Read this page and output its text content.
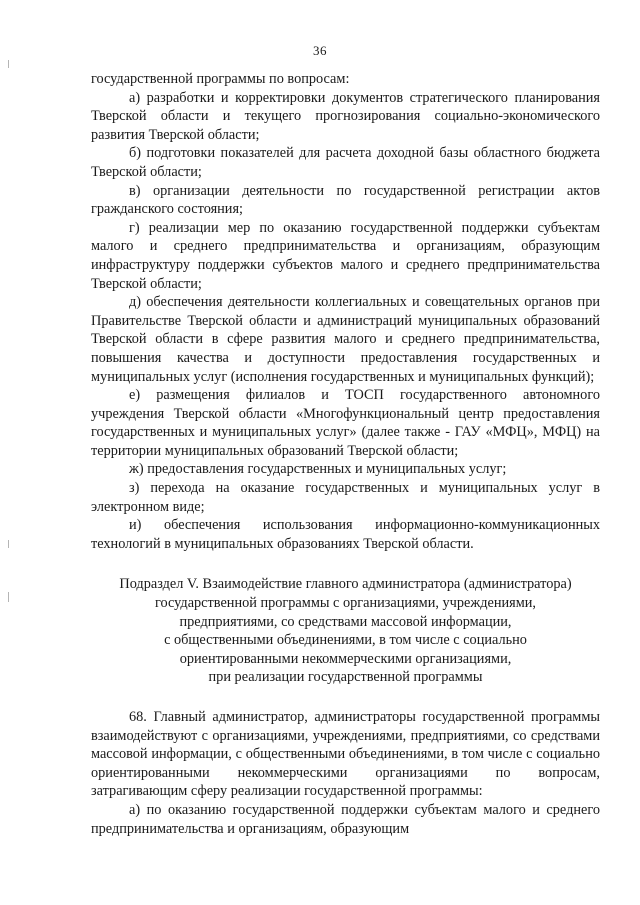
36

государственной программы по вопросам:

а) разработки и корректировки документов стратегического планирования Тверской области и текущего прогнозирования социально-экономического развития Тверской области;

б) подготовки показателей для расчета доходной базы областного бюджета Тверской области;

в) организации деятельности по государственной регистрации актов гражданского состояния;

г) реализации мер по оказанию государственной поддержки субъектам малого и среднего предпринимательства и организациям, образующим инфраструктуру поддержки субъектов малого и среднего предпринимательства Тверской области;

д) обеспечения деятельности коллегиальных и совещательных органов при Правительстве Тверской области и администраций муниципальных образований Тверской области в сфере развития малого и среднего предпринимательства, повышения качества и доступности предоставления государственных и муниципальных услуг (исполнения государственных и муниципальных функций);

е) размещения филиалов и ТОСП государственного автономного учреждения Тверской области «Многофункциональный центр предоставления государственных и муниципальных услуг» (далее также - ГАУ «МФЦ», МФЦ) на территории муниципальных образований Тверской области;

ж) предоставления государственных и муниципальных услуг;

з) перехода на оказание государственных и муниципальных услуг в электронном виде;

и) обеспечения использования информационно-коммуникационных технологий в муниципальных образованиях Тверской области.

Подраздел V. Взаимодействие главного администратора (администратора)
государственной программы с организациями, учреждениями,
предприятиями, со средствами массовой информации,
с общественными объединениями, в том числе с социально
ориентированными некоммерческими организациями,
при реализации государственной программы

68. Главный администратор, администраторы государственной программы взаимодействуют с организациями, учреждениями, предприятиями, со средствами массовой информации, с общественными объединениями, в том числе с социально ориентированными некоммерческими организациями по вопросам, затрагивающим сферу реализации государственной программы:

а) по оказанию государственной поддержки субъектам малого и среднего предпринимательства и организациям, образующим
